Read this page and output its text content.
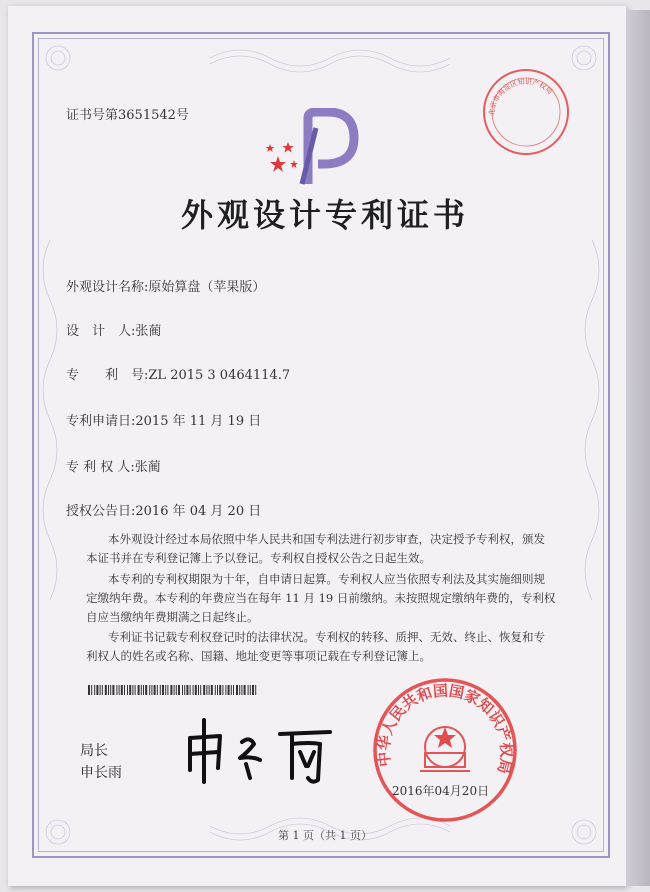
证书号第3651542号
外观设计专利证书
外观设计名称:原始算盘（苹果版）
设　计　人:张蔺
专　　利　号:ZL 2015 3 0464114.7
专利申请日:2015 年 11 月 19 日
专 利 权 人:张蔺
授权公告日:2016 年 04 月 20 日
本外观设计经过本局依照中华人民共和国专利法进行初步审查，决定授予专利权，颁发本证书并在专利登记簿上予以登记。专利权自授权公告之日起生效。
本专利的专利权期限为十年，自申请日起算。专利权人应当依照专利法及其实施细则规定缴纳年费。本专利的年费应当在每年 11 月 19 日前缴纳。未按照规定缴纳年费的，专利权自应当缴纳年费期满之日起终止。
专利证书记载专利权登记时的法律状况。专利权的转移、质押、无效、终止、恢复和专利权人的姓名或名称、国籍、地址变更等事项记载在专利登记簿上。
局长
申长雨
中华人民共和国国家知识产权局
2016年04月20日
北京市海淀区知识产权局
第 1 页（共 1 页）
